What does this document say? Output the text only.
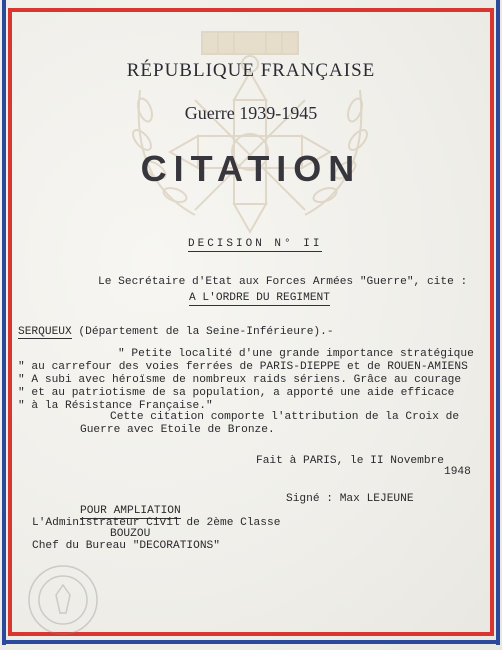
RÉPUBLIQUE FRANÇAISE
Guerre 1939-1945
CITATION
DECISION N° II
Le Secrétaire d'Etat aux Forces Armées "Guerre", cite :
A L'ORDRE DU REGIMENT
SERQUEUX (Département de la Seine-Inférieure).-
" Petite localité d'une grande importance stratégique
" au carrefour des voies ferrées de PARIS-DIEPPE et de ROUEN-AMIENS
" A subi avec héroïsme de nombreux raids sériens. Grâce au courage
" et au patriotisme de sa population, a apporté une aide efficace
" à la Résistance Française."
Cette citation comporte l'attribution de la Croix de
Guerre avec Etoile de Bronze.
Fait à PARIS, le II Novembre
1948
Signé : Max LEJEUNE
POUR AMPLIATION
L'Administrateur Civil de 2ème Classe
BOUZOU
Chef du Bureau "DECORATIONS"
